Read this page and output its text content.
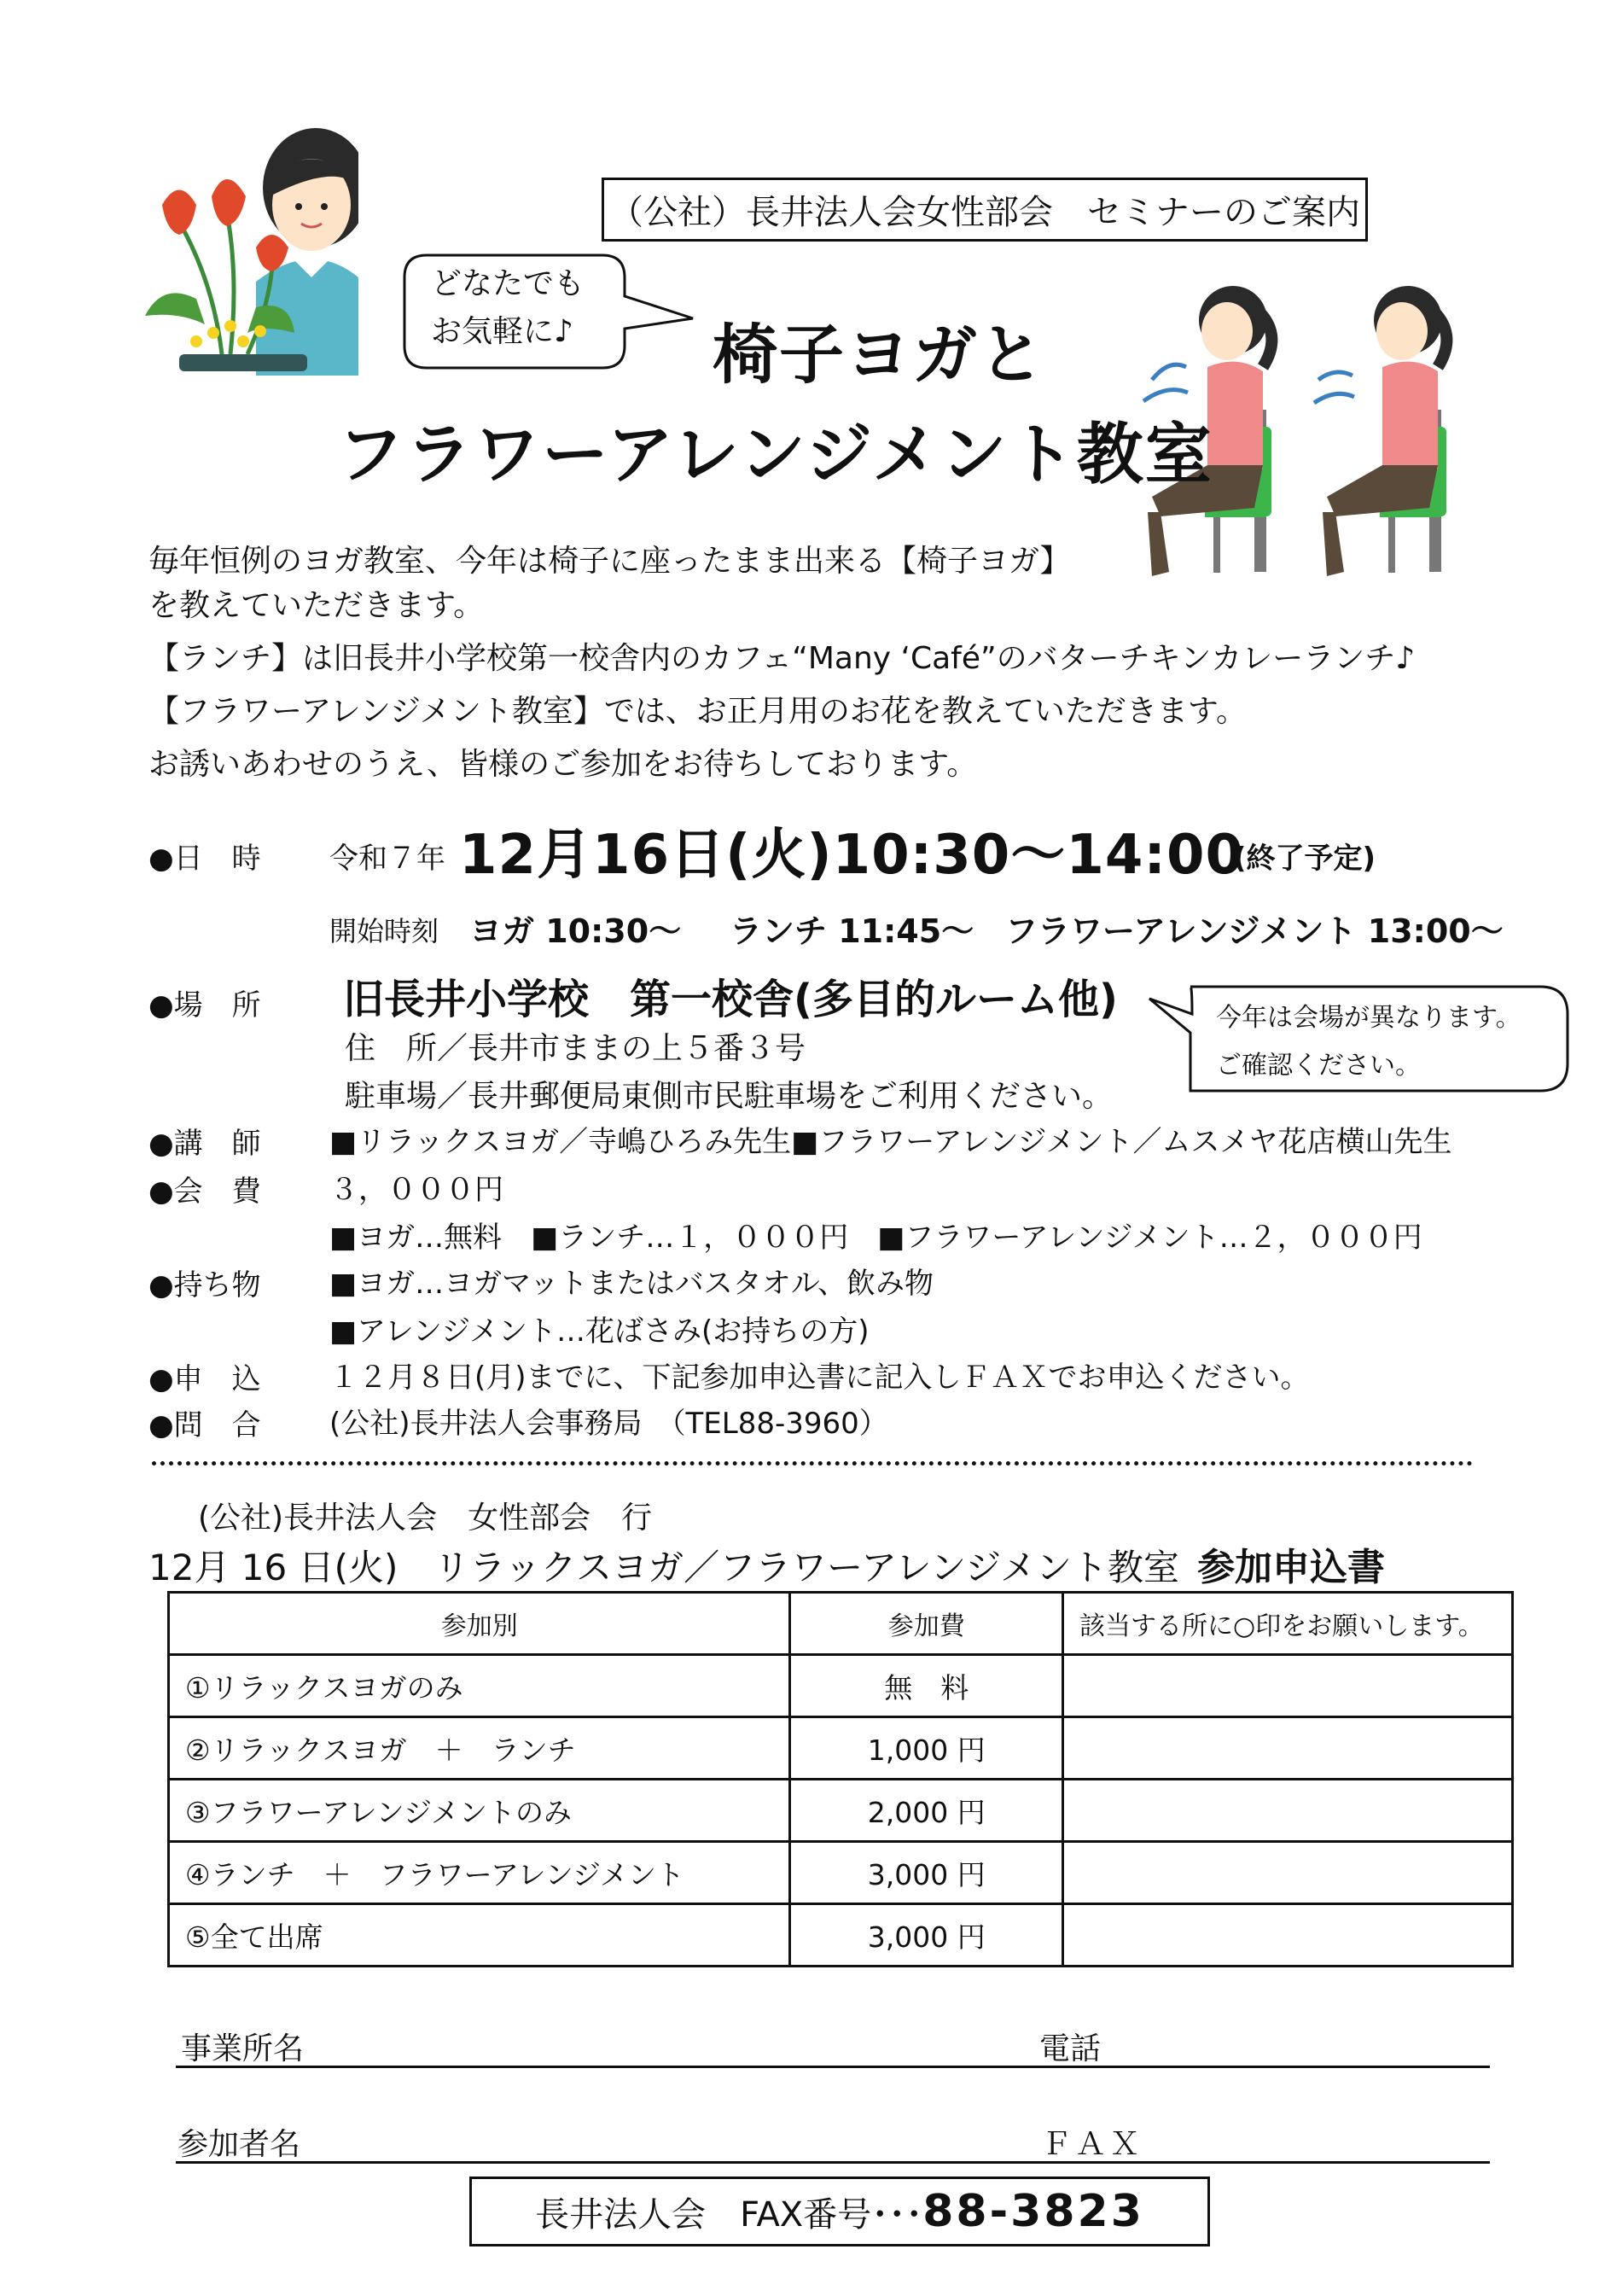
（公社）長井法人会女性部会　セミナーのご案内
どなたでも
お気軽に♪ 椅子ヨガと
フラワーアレンジメント教室
毎年恒例のヨガ教室、今年は椅子に座ったまま出来る【椅子ヨガ】
を教えていただきます。
【ランチ】は旧長井小学校第一校舎内のカフェ“Many ‘Café”のバターチキンカレーランチ♪
【フラワーアレンジメント教室】では、お正月用のお花を教えていただきます。
お誘いあわせのうえ、皆様のご参加をお待ちしております。
●日　時 令和７年 12月16日(火)10:30～14:00
(終了予定)
開始時刻 ヨガ 10:30～ ランチ 11:45～ フラワーアレンジメント 13:00～
●場　所 旧長井小学校　第一校舎(多目的ルーム他)
住　所／長井市ままの上５番３号
駐車場／長井郵便局東側市民駐車場をご利用ください。
今年は会場が異なります。
ご確認ください。
●講　師 ■リラックスヨガ／寺嶋ひろみ先生■フラワーアレンジメント／ムスメヤ花店横山先生
●会　費 ３，０００円
■ヨガ…無料　■ランチ…１，０００円　■フラワーアレンジメント…２，０００円
●持ち物 ■ヨガ…ヨガマットまたはバスタオル、飲み物
■アレンジメント…花ばさみ(お持ちの方)
●申　込 １２月８日(月)までに、下記参加申込書に記入しＦＡＸでお申込ください。
●問　合 (公社)長井法人会事務局　（TEL88-3960）
(公社)長井法人会　女性部会　行
12月 16 日(火)　リラックスヨガ／フラワーアレンジメント教室 参加申込書
参加別	参加費	該当する所に○印をお願いします。
①リラックスヨガのみ	無　料	
②リラックスヨガ　＋　ランチ	1,000 円	
③フラワーアレンジメントのみ	2,000 円	
④ランチ　＋　フラワーアレンジメント	3,000 円	
⑤全て出席	3,000 円	
事業所名	電話
参加者名	ＦＡＸ
長井法人会　FAX番号･･･ 88-3823
